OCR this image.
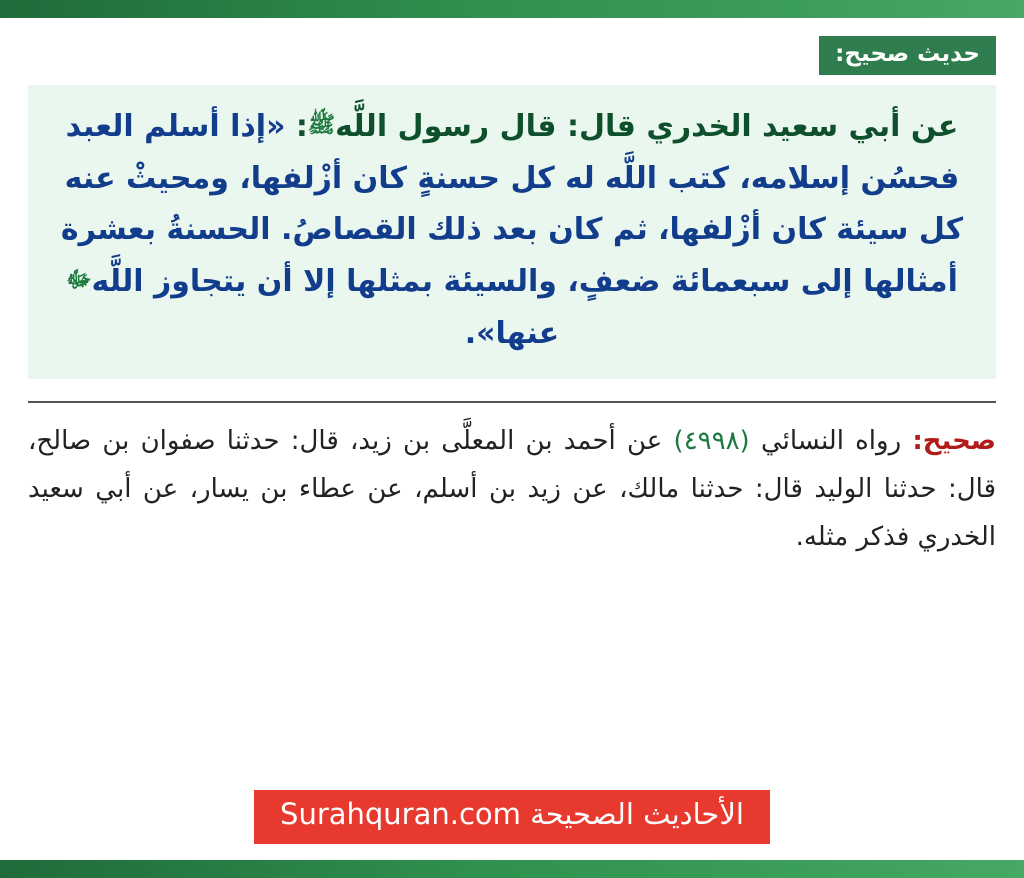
حديث صحيح:

عن أبي سعيد الخدري قال: قال رسول اللَّهﷺ: «إذا أسلم العبد فحسُن إسلامه، كتب اللَّه له كل حسنةٍ كان أزْلفها، ومحيثْ عنه كل سيئة كان أزْلفها، ثم كان بعد ذلك القصاصُ. الحسنةُ بعشرة أمثالها إلى سبعمائة ضعفٍ، والسيئة بمثلها إلا أن يتجاوز اللَّهﷻ عنها».

صحيح: رواه النسائي (٤٩٩٨) عن أحمد بن المعلَّى بن زيد، قال: حدثنا صفوان بن صالح، قال: حدثنا الوليد قال: حدثنا مالك، عن زيد بن أسلم، عن عطاء بن يسار، عن أبي سعيد الخدري فذكر مثله.

الأحاديث الصحيحة Surahquran.com
